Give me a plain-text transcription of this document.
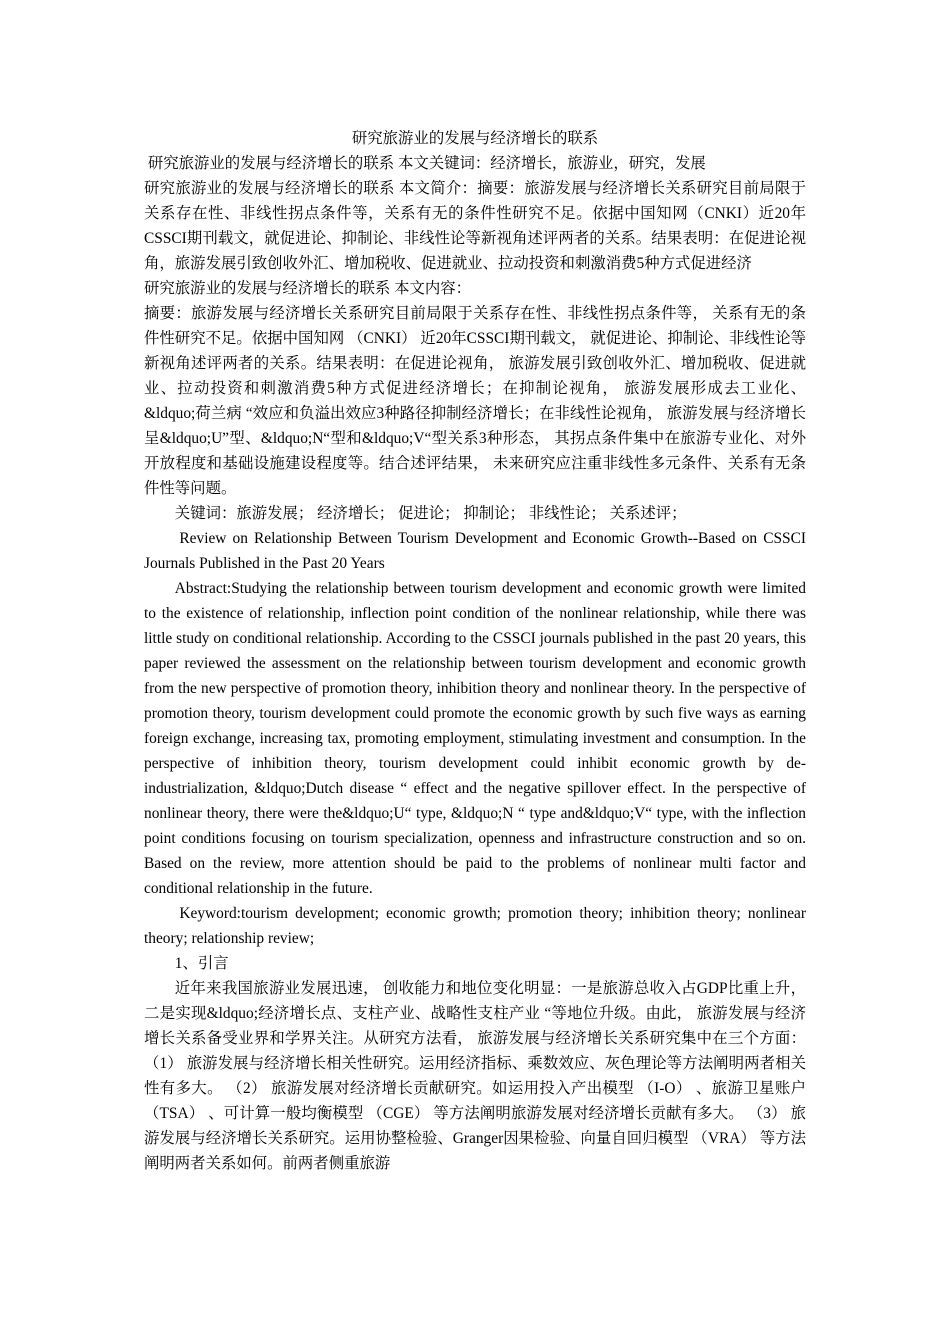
研究旅游业的发展与经济增长的联系

研究旅游业的发展与经济增长的联系 本文关键词：经济增长，旅游业，研究，发展

研究旅游业的发展与经济增长的联系 本文简介：摘要：旅游发展与经济增长关系研究目前局限于关系存在性、非线性拐点条件等，关系有无的条件性研究不足。依据中国知网（CNKI）近20年CSSCI期刊载文，就促进论、抑制论、非线性论等新视角述评两者的关系。结果表明：在促进论视角，旅游发展引致创收外汇、增加税收、促进就业、拉动投资和刺激消费5种方式促进经济

研究旅游业的发展与经济增长的联系 本文内容：

摘要：旅游发展与经济增长关系研究目前局限于关系存在性、非线性拐点条件等， 关系有无的条件性研究不足。依据中国知网 （CNKI） 近20年CSSCI期刊载文， 就促进论、抑制论、非线性论等新视角述评两者的关系。结果表明：在促进论视角， 旅游发展引致创收外汇、增加税收、促进就业、拉动投资和刺激消费5种方式促进经济增长；在抑制论视角， 旅游发展形成去工业化、&ldquo;荷兰病 “效应和负溢出效应3种路径抑制经济增长；在非线性论视角， 旅游发展与经济增长呈&ldquo;U”型、&ldquo;N“型和&ldquo;V“型关系3种形态， 其拐点条件集中在旅游专业化、对外开放程度和基础设施建设程度等。结合述评结果， 未来研究应注重非线性多元条件、关系有无条件性等问题。

关键词：旅游发展； 经济增长； 促进论； 抑制论； 非线性论； 关系述评；

Review on Relationship Between Tourism Development and Economic Growth--Based on CSSCI Journals Published in the Past 20 Years

Abstract:Studying the relationship between tourism development and economic growth were limited to the existence of relationship, inflection point condition of the nonlinear relationship, while there was little study on conditional relationship. According to the CSSCI journals published in the past 20 years, this paper reviewed the assessment on the relationship between tourism development and economic growth from the new perspective of promotion theory, inhibition theory and nonlinear theory. In the perspective of promotion theory, tourism development could promote the economic growth by such five ways as earning foreign exchange, increasing tax, promoting employment, stimulating investment and consumption. In the perspective of inhibition theory, tourism development could inhibit economic growth by de-industrialization, &ldquo;Dutch disease “ effect and the negative spillover effect. In the perspective of nonlinear theory, there were the&ldquo;U“ type, &ldquo;N “ type and&ldquo;V“ type, with the inflection point conditions focusing on tourism specialization, openness and infrastructure construction and so on. Based on the review, more attention should be paid to the problems of nonlinear multi factor and conditional relationship in the future.

Keyword:tourism development; economic growth; promotion theory; inhibition theory; nonlinear theory; relationship review;

1、引言

近年来我国旅游业发展迅速， 创收能力和地位变化明显：一是旅游总收入占GDP比重上升， 二是实现&ldquo;经济增长点、支柱产业、战略性支柱产业 “等地位升级。由此， 旅游发展与经济增长关系备受业界和学界关注。从研究方法看， 旅游发展与经济增长关系研究集中在三个方面： （1） 旅游发展与经济增长相关性研究。运用经济指标、乘数效应、灰色理论等方法阐明两者相关性有多大。 （2） 旅游发展对经济增长贡献研究。如运用投入产出模型 （I-O） 、旅游卫星账户 （TSA） 、可计算一般均衡模型 （CGE） 等方法阐明旅游发展对经济增长贡献有多大。 （3） 旅游发展与经济增长关系研究。运用协整检验、Granger因果检验、向量自回归模型 （VRA） 等方法阐明两者关系如何。前两者侧重旅游
